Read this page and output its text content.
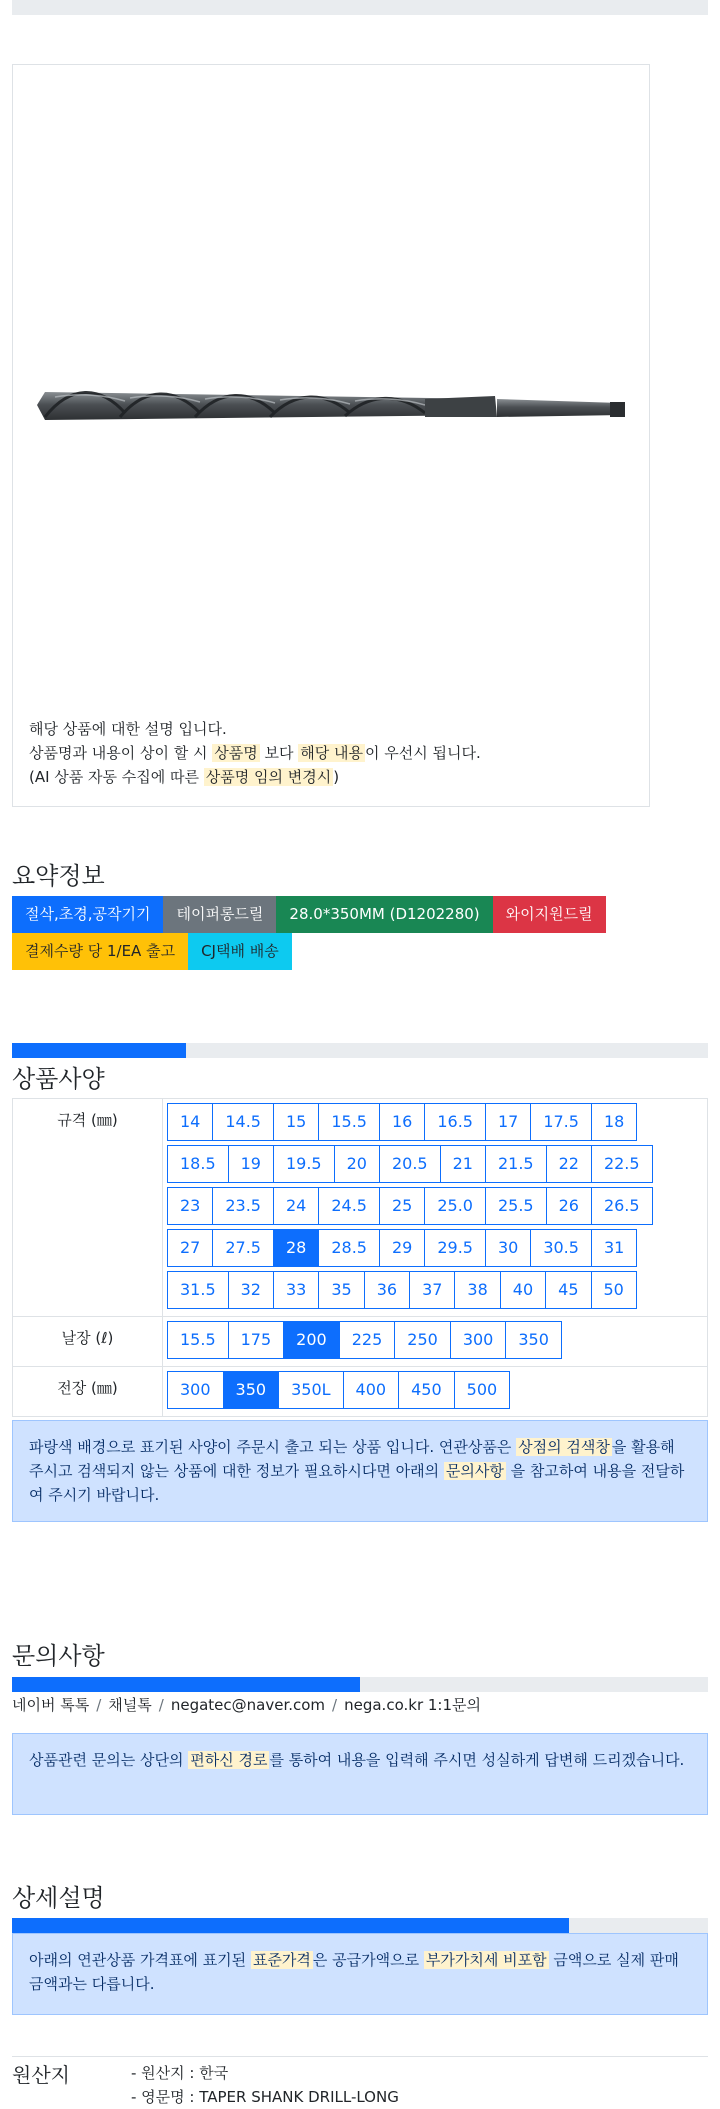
해당 상품에 대한 설명 입니다.
상품명과 내용이 상이 할 시 상품명 보다 해당 내용 이 우선시 됩니다.
(AI 상품 자동 수집에 따른 상품명 임의 변경시 )
요약정보
절삭,초경,공작기기	테이퍼롱드릴	28.0*350MM (D1202280)	와이지원드릴
결제수량 당 1/EA 출고	CJ택배 배송
상품사양
규격 (㎜)	14	14.5	15	15.5	16	16.5	17	17.5	18
18.5	19	19.5	20	20.5	21	21.5	22	22.5
23	23.5	24	24.5	25	25.0	25.5	26	26.5
27	27.5	28	28.5	29	29.5	30	30.5	31
31.5	32	33	35	36	37	38	40	45	50
날장 (ℓ)	15.5	175	200	225	250	300	350
전장 (㎜)	300	350	350L	400	450	500
파랑색 배경으로 표기된 사양이 주문시 출고 되는 상품 입니다. 연관상품은 상점의 검색창 을 활용해 주시고 검색되지 않는 상품에 대한 정보가 필요하시다면 아래의 문의사항 을 참고하여 내용을 전달하여 주시기 바랍니다.
문의사항
네이버 톡톡 / 채널톡 / negatec@naver.com / nega.co.kr 1:1문의
상품관련 문의는 상단의 편하신 경로 를 통하여 내용을 입력해 주시면 성실하게 답변해 드리겠습니다.
상세설명
아래의 연관상품 가격표에 표기된 표준가격 은 공급가액으로 부가가치세 비포함 금액으로 실제 판매금액과는 다릅니다.
원산지	- 원산지 : 한국
- 영문명 : TAPER SHANK DRILL-LONG
